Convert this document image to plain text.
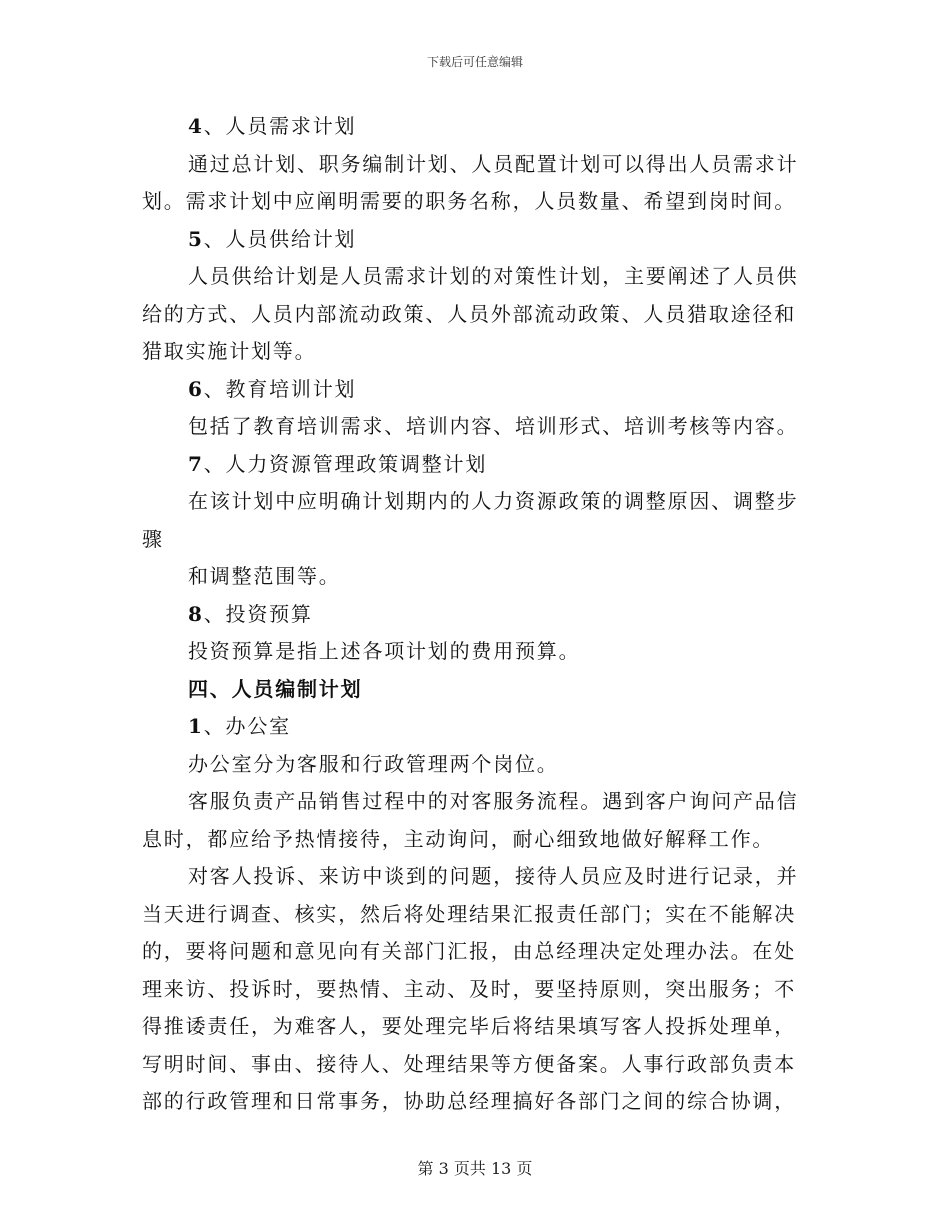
下载后可任意编辑
4、人员需求计划
通过总计划、职务编制计划、人员配置计划可以得出人员需求计
划。需求计划中应阐明需要的职务名称，人员数量、希望到岗时间。
5、人员供给计划
人员供给计划是人员需求计划的对策性计划，主要阐述了人员供
给的方式、人员内部流动政策、人员外部流动政策、人员猎取途径和
猎取实施计划等。
6、教育培训计划
包括了教育培训需求、培训内容、培训形式、培训考核等内容。
7、人力资源管理政策调整计划
在该计划中应明确计划期内的人力资源政策的调整原因、调整步
骤
和调整范围等。
8、投资预算
投资预算是指上述各项计划的费用预算。
四、人员编制计划
1、办公室
办公室分为客服和行政管理两个岗位。
客服负责产品销售过程中的对客服务流程。遇到客户询问产品信
息时，都应给予热情接待，主动询问，耐心细致地做好解释工作。
对客人投诉、来访中谈到的问题，接待人员应及时进行记录，并
当天进行调查、核实，然后将处理结果汇报责任部门；实在不能解决
的，要将问题和意见向有关部门汇报，由总经理决定处理办法。在处
理来访、投诉时，要热情、主动、及时，要坚持原则，突出服务；不
得推诿责任，为难客人，要处理完毕后将结果填写客人投拆处理单，
写明时间、事由、接待人、处理结果等方便备案。人事行政部负责本
部的行政管理和日常事务，协助总经理搞好各部门之间的综合协调，
第 3 页共 13 页
